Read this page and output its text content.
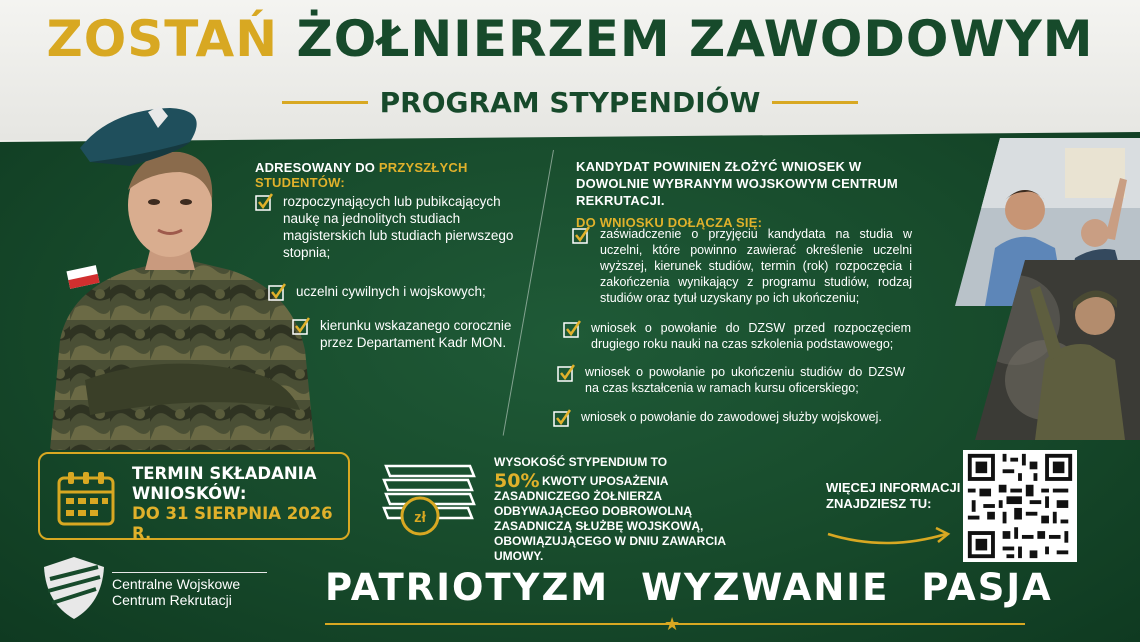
ZOSTAŃ ŻOŁNIERZEM ZAWODOWYM
PROGRAM STYPENDIÓW
ADRESOWANY DO PRZYSZŁYCH STUDENTÓW:
rozpoczynających lub pubikcających naukę na jednolitych studiach magisterskich lub studiach pierwszego stopnia;
uczelni cywilnych i wojskowych;
kierunku wskazanego corocznie przez Departament Kadr MON.
KANDYDAT POWINIEN ZŁOŻYĆ WNIOSEK W DOWOLNIE WYBRANYM WOJSKOWYM CENTRUM REKRUTACJI.
DO WNIOSKU DOŁĄCZA SIĘ:
zaświadczenie o przyjęciu kandydata na studia w uczelni, które powinno zawierać określenie uczelni wyższej, kierunek studiów, termin (rok) rozpoczęcia i zakończenia wynikający z programu studiów, rodzaj studiów oraz tytuł uzyskany po ich ukończeniu;
wniosek o powołanie do DZSW przed rozpoczęciem drugiego roku nauki na czas szkolenia podstawowego;
wniosek o powołanie po ukończeniu studiów do DZSW na czas kształcenia w ramach kursu oficerskiego;
wniosek o powołanie do zawodowej służby wojskowej.
TERMIN SKŁADANIA
WNIOSKÓW:
DO 31 SIERPNIA 2026 R.
zł
WYSOKOŚĆ STYPENDIUM TO
50% KWOTY UPOSAŻENIA ZASADNICZEGO ŻOŁNIERZA ODBYWAJĄCEGO DOBROWOLNĄ ZASADNICZĄ SŁUŻBĘ WOJSKOWĄ, OBOWIĄZUJĄCEGO W DNIU ZAWARCIA UMOWY.
WIĘCEJ INFORMACJI
ZNAJDZIESZ TU:
Centralne Wojskowe
Centrum Rekrutacji	PATRIOTYZM WYZWANIE PASJA
★
